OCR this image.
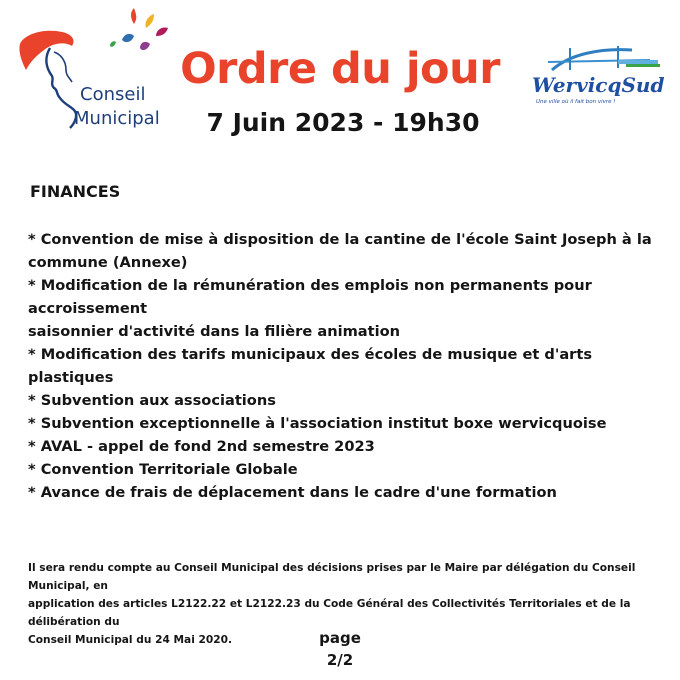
Conseil
Municipal
Ordre du jour
7 Juin 2023 - 19h30
WervicqSud
Une ville où il fait bon vivre !
FINANCES
* Convention de mise à disposition de la cantine de l'école Saint Joseph à la
commune (Annexe)
* Modification de la rémunération des emplois non permanents pour accroissement
saisonnier d'activité dans la filière animation
* Modification des tarifs municipaux des écoles de musique et d'arts plastiques
* Subvention aux associations
* Subvention exceptionnelle à l'association institut boxe wervicquoise
* AVAL - appel de fond 2nd semestre 2023
* Convention Territoriale Globale
* Avance de frais de déplacement dans le cadre d'une formation
Il sera rendu compte au Conseil Municipal des décisions prises par le Maire par délégation du Conseil Municipal, en
application des articles L2122.22 et L2122.23 du Code Général des Collectivités Territoriales et de la délibération du
Conseil Municipal du 24 Mai 2020.	page
2/2
